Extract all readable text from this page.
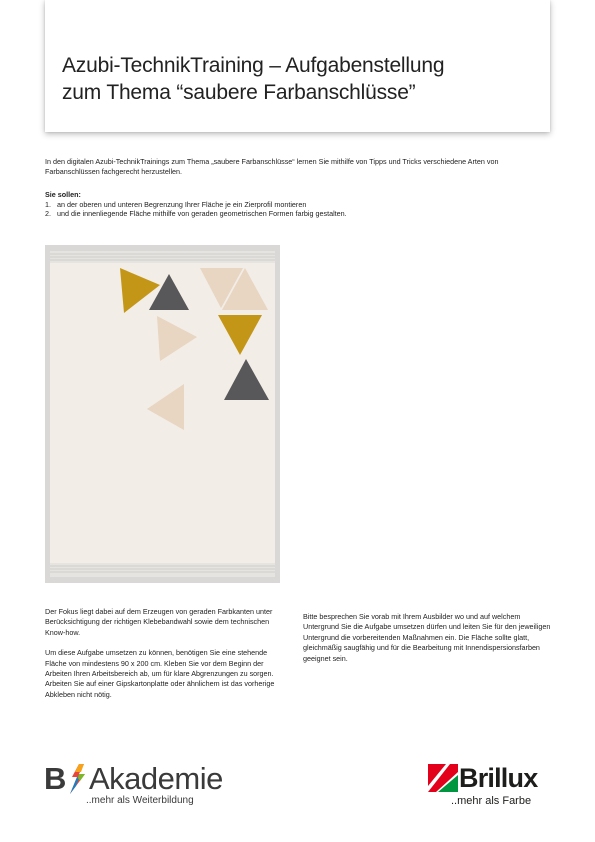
Azubi-TechnikTraining – Aufgabenstellung
zum Thema “saubere Farbanschlüsse”

In den digitalen Azubi-TechnikTrainings zum Thema „saubere Farbanschlüsse“ lernen Sie mithilfe von Tipps und Tricks verschiedene Arten von Farbanschlüssen fachgerecht herzustellen.

Sie sollen:
1. an der oberen und unteren Begrenzung Ihrer Fläche je ein Zierprofil montieren
2. und die innenliegende Fläche mithilfe von geraden geometrischen Formen farbig gestalten.

Der Fokus liegt dabei auf dem Erzeugen von geraden Farbkanten unter Berücksichtigung der richtigen Klebebandwahl sowie dem technischen Know-how.

Um diese Aufgabe umsetzen zu können, benötigen Sie eine stehende Fläche von mindestens 90 x 200 cm. Kleben Sie vor dem Beginn der Arbeiten Ihren Arbeitsbereich ab, um für klare Abgrenzungen zu sorgen. Arbeiten Sie auf einer Gipskartonplatte oder ähnlichem ist das vorherige Abkleben nicht nötig.

Bitte besprechen Sie vorab mit Ihrem Ausbilder wo und auf welchem Untergrund Sie die Aufgabe umsetzen dürfen und leiten Sie für den jeweiligen Untergrund die vorbereitenden Maßnahmen ein. Die Fläche sollte glatt, gleichmäßig saugfähig und für die Bearbeitung mit Innendispersionsfarben geeignet sein.

B Akademie
..mehr als Weiterbildung
Brillux
..mehr als Farbe
